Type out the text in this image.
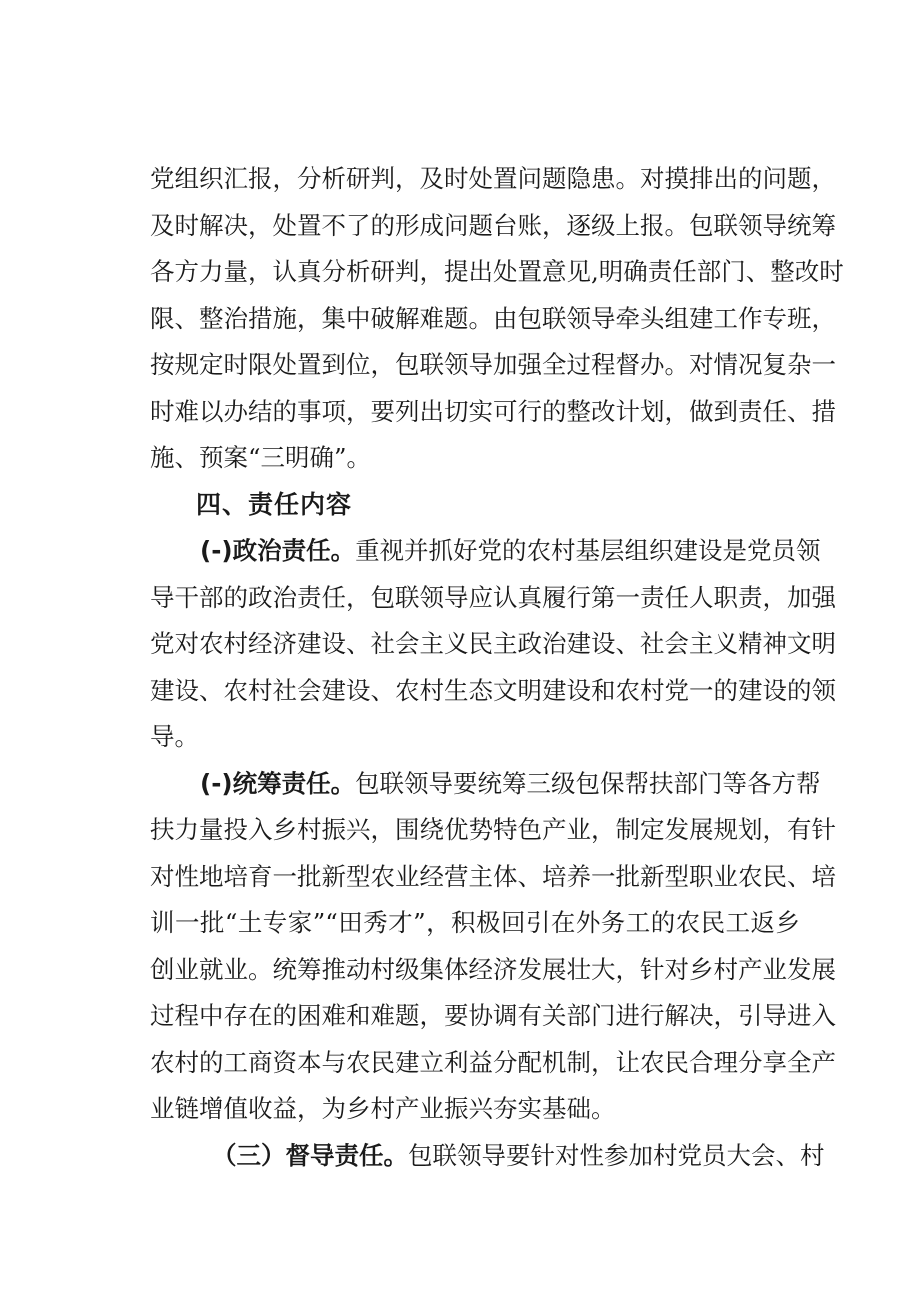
党组织汇报，分析研判，及时处置问题隐患。对摸排出的问题，
及时解决，处置不了的形成问题台账，逐级上报。包联领导统筹
各方力量，认真分析研判，提出处置意见,明确责任部门、整改时
限、整治措施，集中破解难题。由包联领导牵头组建工作专班，
按规定时限处置到位，包联领导加强全过程督办。对情况复杂一
时难以办结的事项，要列出切实可行的整改计划，做到责任、措
施、预案“三明确”。
四、责任内容
(-)政治责任。重视并抓好党的农村基层组织建设是党员领
导干部的政治责任，包联领导应认真履行第一责任人职责，加强
党对农村经济建设、社会主义民主政治建设、社会主义精神文明
建设、农村社会建设、农村生态文明建设和农村党一的建设的领
导。
(-)统筹责任。包联领导要统筹三级包保帮扶部门等各方帮
扶力量投入乡村振兴，围绕优势特色产业，制定发展规划，有针
对性地培育一批新型农业经营主体、培养一批新型职业农民、培
训一批“土专家”“田秀才”，积极回引在外务工的农民工返乡
创业就业。统筹推动村级集体经济发展壮大，针对乡村产业发展
过程中存在的困难和难题，要协调有关部门进行解决，引导进入
农村的工商资本与农民建立利益分配机制，让农民合理分享全产
业链增值收益，为乡村产业振兴夯实基础。
（三）督导责任。包联领导要针对性参加村党员大会、村
